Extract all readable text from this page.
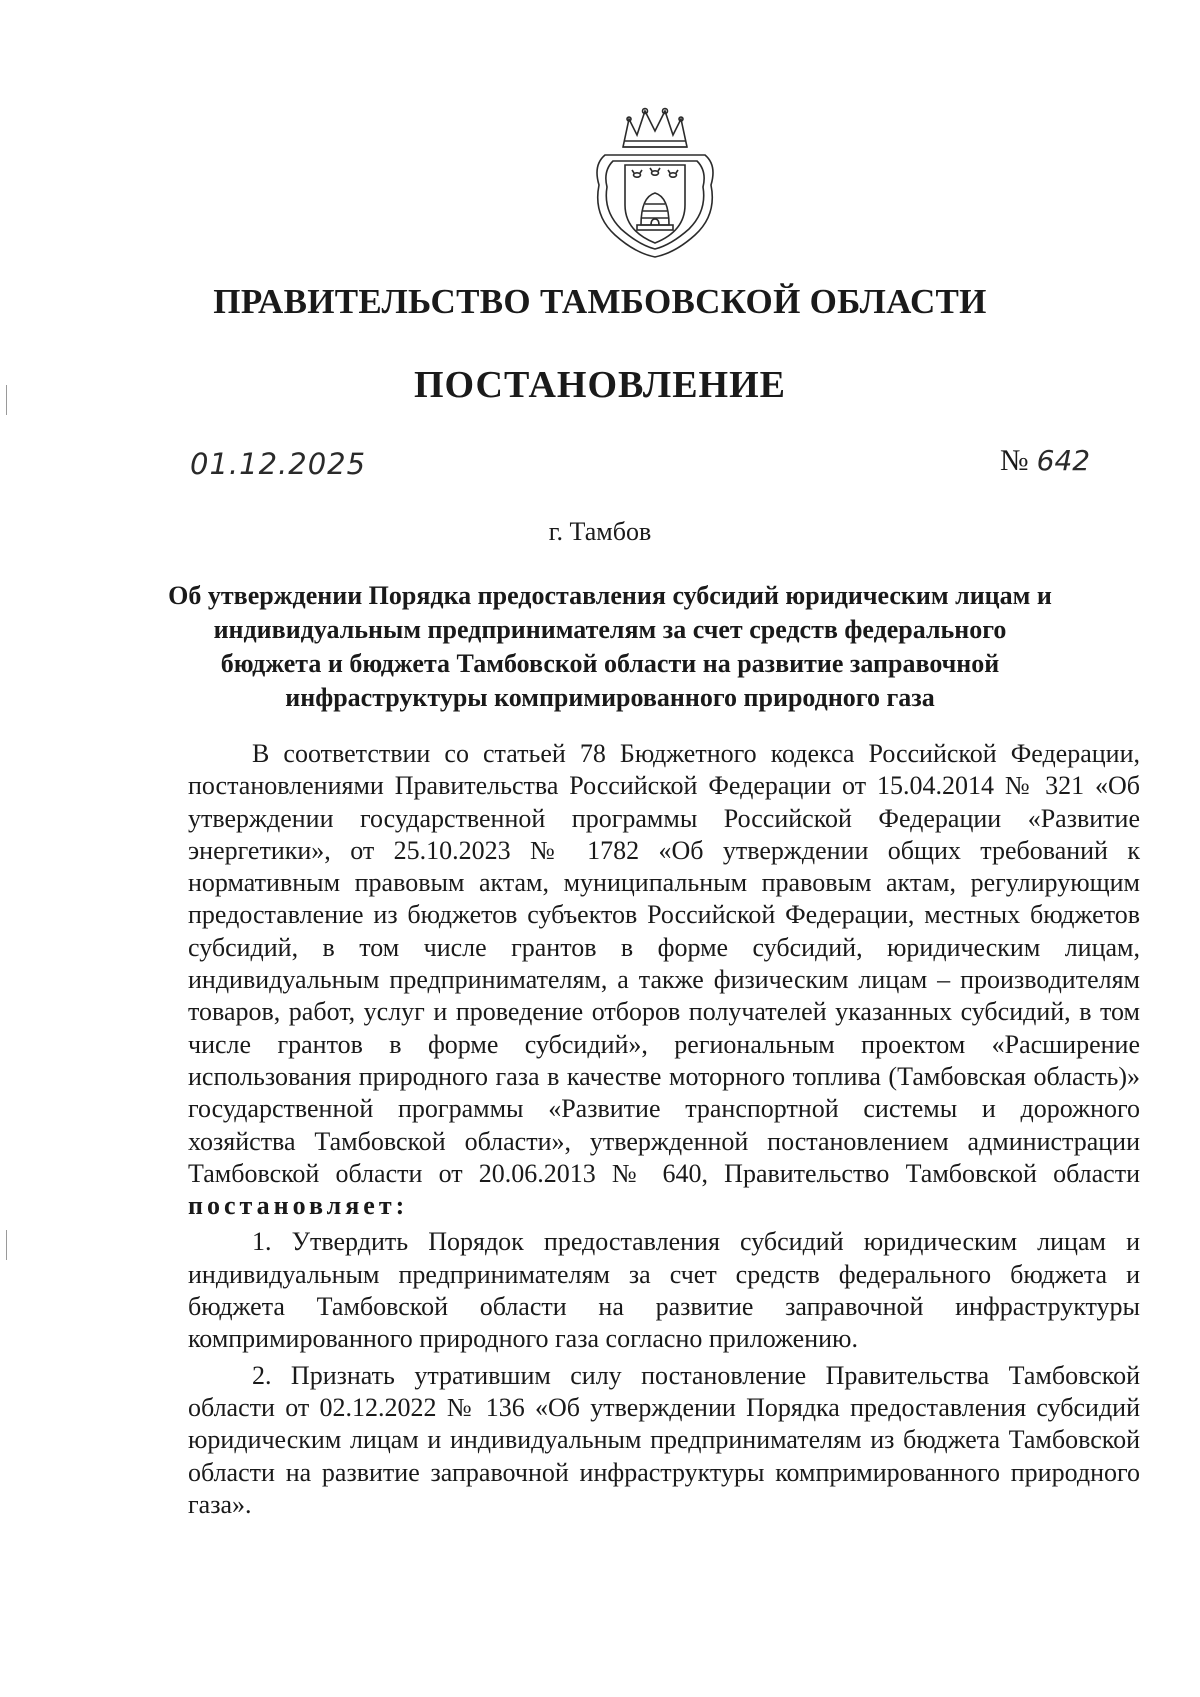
ПРАВИТЕЛЬСТВО ТАМБОВСКОЙ ОБЛАСТИ
ПОСТАНОВЛЕНИЕ
01.12.2025	№ 642
г. Тамбов
Об утверждении Порядка предоставления субсидий юридическим лицам и индивидуальным предпринимателям за счет средств федерального бюджета и бюджета Тамбовской области на развитие заправочной инфраструктуры компримированного природного газа

В соответствии со статьей 78 Бюджетного кодекса Российской Федерации, постановлениями Правительства Российской Федерации от 15.04.2014 № 321 «Об утверждении государственной программы Российской Федерации «Развитие энергетики», от 25.10.2023 № 1782 «Об утверждении общих требований к нормативным правовым актам, муниципальным правовым актам, регулирующим предоставление из бюджетов субъектов Российской Федерации, местных бюджетов субсидий, в том числе грантов в форме субсидий, юридическим лицам, индивидуальным предпринимателям, а также физическим лицам – производителям товаров, работ, услуг и проведение отборов получателей указанных субсидий, в том числе грантов в форме субсидий», региональным проектом «Расширение использования природного газа в качестве моторного топлива (Тамбовская область)» государственной программы «Развитие транспортной системы и дорожного хозяйства Тамбовской области», утвержденной постановлением администрации Тамбовской области от 20.06.2013 № 640, Правительство Тамбовской области постановляет:

1. Утвердить Порядок предоставления субсидий юридическим лицам и индивидуальным предпринимателям за счет средств федерального бюджета и бюджета Тамбовской области на развитие заправочной инфраструктуры компримированного природного газа согласно приложению.

2. Признать утратившим силу постановление Правительства Тамбовской области от 02.12.2022 № 136 «Об утверждении Порядка предоставления субсидий юридическим лицам и индивидуальным предпринимателям из бюджета Тамбовской области на развитие заправочной инфраструктуры компримированного природного газа».
